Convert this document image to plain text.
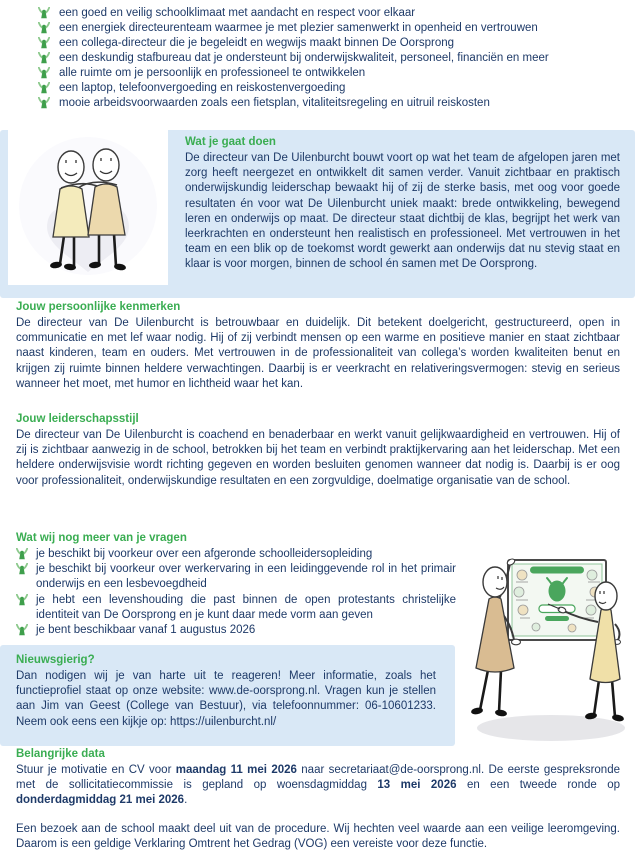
een goed en veilig schoolklimaat met aandacht en respect voor elkaar
een energiek directeurenteam waarmee je met plezier samenwerkt in openheid en vertrouwen
een collega-directeur die je begeleidt en wegwijs maakt binnen De Oorsprong
een deskundig stafbureau dat je ondersteunt bij onderwijskwaliteit, personeel, financiën en meer
alle ruimte om je persoonlijk en professioneel te ontwikkelen
een laptop, telefoonvergoeding en reiskostenvergoeding
mooie arbeidsvoorwaarden zoals een fietsplan, vitaliteitsregeling en uitruil reiskosten
Wat je gaat doen

De directeur van De Uilenburcht bouwt voort op wat het team de afgelopen jaren met zorg heeft neergezet en ontwikkelt dit samen verder. Vanuit zichtbaar en praktisch onderwijskundig leiderschap bewaakt hij of zij de sterke basis, met oog voor goede resultaten én voor wat De Uilenburcht uniek maakt: brede ontwikkeling, bewegend leren en onderwijs op maat. De directeur staat dichtbij de klas, begrijpt het werk van leerkrachten en ondersteunt hen realistisch en professioneel. Met vertrouwen in het team en een blik op de toekomst wordt gewerkt aan onderwijs dat nu stevig staat en klaar is voor morgen, binnen de school én samen met De Oorsprong.

Jouw persoonlijke kenmerken

De directeur van De Uilenburcht is betrouwbaar en duidelijk. Dit betekent doelgericht, gestructureerd, open in communicatie en met lef waar nodig. Hij of zij verbindt mensen op een warme en positieve manier en staat zichtbaar naast kinderen, team en ouders. Met vertrouwen in de professionaliteit van collega’s worden kwaliteiten benut en krijgen zij ruimte binnen heldere verwachtingen. Daarbij is er veerkracht en relativeringsvermogen: stevig en serieus wanneer het moet, met humor en lichtheid waar het kan.

Jouw leiderschapsstijl

De directeur van De Uilenburcht is coachend en benaderbaar en werkt vanuit gelijkwaardigheid en vertrouwen. Hij of zij is zichtbaar aanwezig in de school, betrokken bij het team en verbindt praktijkervaring aan het leiderschap. Met een heldere onderwijsvisie wordt richting gegeven en worden besluiten genomen wanneer dat nodig is. Daarbij is er oog voor professionaliteit, onderwijskundige resultaten en een zorgvuldige, doelmatige organisatie van de school.

Wat wij nog meer van je vragen
je beschikt bij voorkeur over een afgeronde schoolleidersopleiding
je beschikt bij voorkeur over werkervaring in een leidinggevende rol in het primair onderwijs en een lesbevoegdheid
je hebt een levenshouding die past binnen de open protestants christelijke identiteit van De Oorsprong en je kunt daar mede vorm aan geven
je bent beschikbaar vanaf 1 augustus 2026
Nieuwsgierig?

Dan nodigen wij je van harte uit te reageren! Meer informatie, zoals het functieprofiel staat op onze website: www.de-oorsprong.nl. Vragen kun je stellen aan Jim van Geest (College van Bestuur), via telefoonnummer: 06-10601233. Neem ook eens een kijkje op: https://uilenburcht.nl/

Belangrijke data

Stuur je motivatie en CV voor maandag 11 mei 2026 naar secretariaat@de-oorsprong.nl. De eerste gespreksronde met de sollicitatiecommissie is gepland op woensdagmiddag 13 mei 2026 en een tweede ronde op donderdagmiddag 21 mei 2026.

Een bezoek aan de school maakt deel uit van de procedure. Wij hechten veel waarde aan een veilige leeromgeving. Daarom is een geldige Verklaring Omtrent het Gedrag (VOG) een vereiste voor deze functie.
